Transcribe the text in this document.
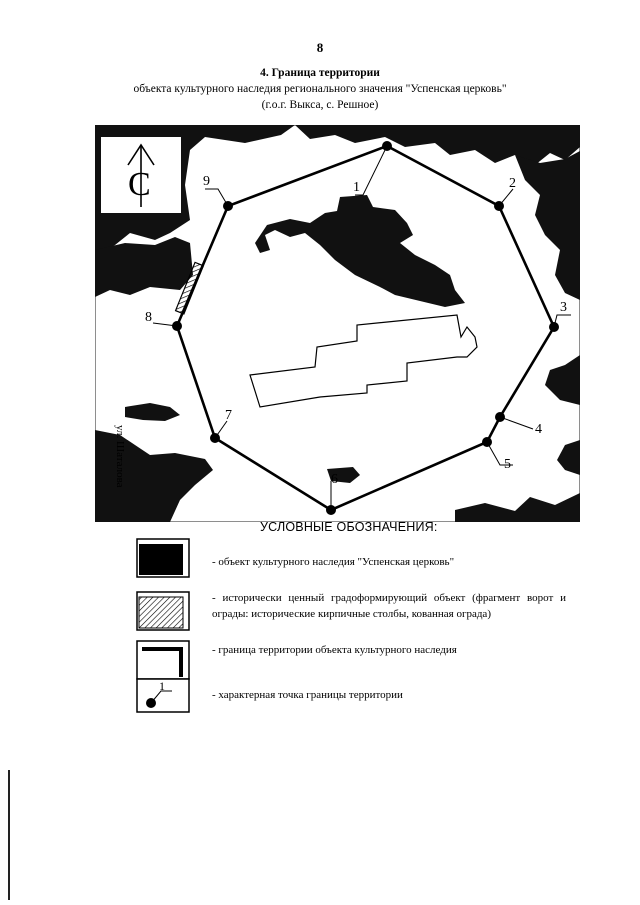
8
4. Граница территории
объекта культурного наследия регионального значения "Успенская церковь"
(г.о.г. Выкса, с. Решное)
С	1	2
3
4
5
6
7
8
9
ул. Шаталова
УСЛОВНЫЕ ОБОЗНАЧЕНИЯ:
- объект культурного наследия "Успенская церковь"
- исторически ценный градоформирующий объект (фрагмент ворот и ограды: исторические кирпичные столбы, кованная ограда)
- граница территории объекта культурного наследия
1
- характерная точка границы территории
